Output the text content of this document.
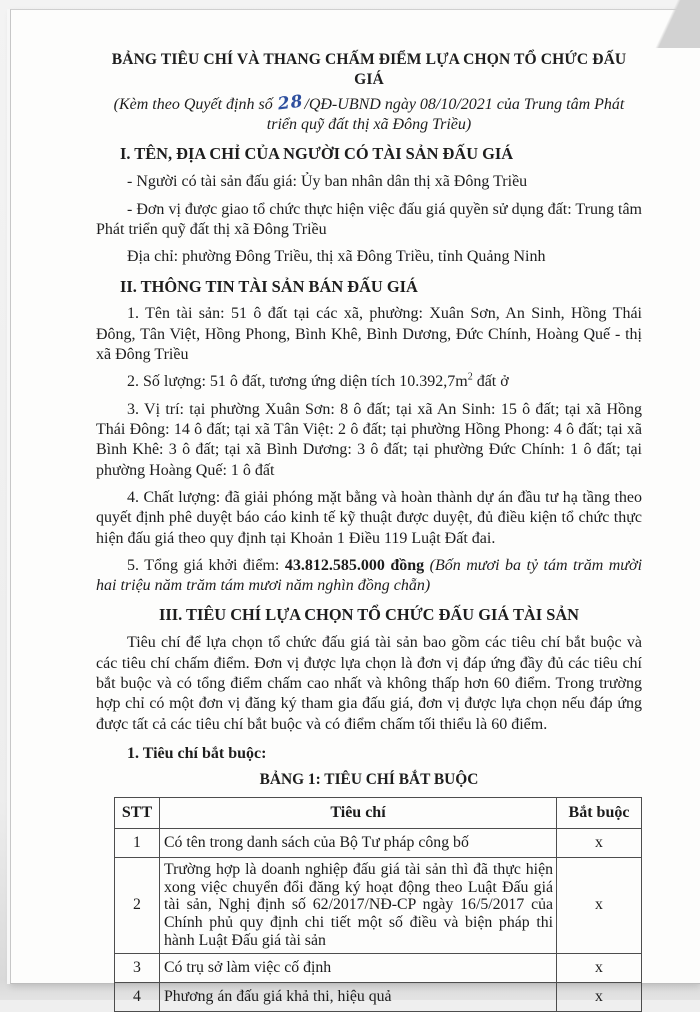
BẢNG TIÊU CHÍ VÀ THANG CHẤM ĐIỂM LỰA CHỌN TỔ CHỨC ĐẤU GIÁ
(Kèm theo Quyết định số 28/QĐ-UBND ngày 08/10/2021 của Trung tâm Phát
triển quỹ đất thị xã Đông Triều)
I. TÊN, ĐỊA CHỈ CỦA NGƯỜI CÓ TÀI SẢN ĐẤU GIÁ

- Người có tài sản đấu giá: Ủy ban nhân dân thị xã Đông Triều

- Đơn vị được giao tổ chức thực hiện việc đấu giá quyền sử dụng đất: Trung tâm Phát triển quỹ đất thị xã Đông Triều

Địa chỉ: phường Đông Triều, thị xã Đông Triều, tỉnh Quảng Ninh

II. THÔNG TIN TÀI SẢN BÁN ĐẤU GIÁ

1. Tên tài sản: 51 ô đất tại các xã, phường: Xuân Sơn, An Sinh, Hồng Thái Đông, Tân Việt, Hồng Phong, Bình Khê, Bình Dương, Đức Chính, Hoàng Quế - thị xã Đông Triều

2. Số lượng: 51 ô đất, tương ứng diện tích $10.392,7m^2$ đất ở

3. Vị trí: tại phường Xuân Sơn: 8 ô đất; tại xã An Sinh: 15 ô đất; tại xã Hồng Thái Đông: 14 ô đất; tại xã Tân Việt: 2 ô đất; tại phường Hồng Phong: 4 ô đất; tại xã Bình Khê: 3 ô đất; tại xã Bình Dương: 3 ô đất; tại phường Đức Chính: 1 ô đất; tại phường Hoàng Quế: 1 ô đất

4. Chất lượng: đã giải phóng mặt bằng và hoàn thành dự án đầu tư hạ tầng theo quyết định phê duyệt báo cáo kinh tế kỹ thuật được duyệt, đủ điều kiện tổ chức thực hiện đấu giá theo quy định tại Khoản 1 Điều 119 Luật Đất đai.

5. Tổng giá khởi điểm: 43.812.585.000 đồng (Bốn mươi ba tỷ tám trăm mười hai triệu năm trăm tám mươi năm nghìn đồng chẵn)

III. TIÊU CHÍ LỰA CHỌN TỔ CHỨC ĐẤU GIÁ TÀI SẢN

Tiêu chí để lựa chọn tổ chức đấu giá tài sản bao gồm các tiêu chí bắt buộc và các tiêu chí chấm điểm. Đơn vị được lựa chọn là đơn vị đáp ứng đầy đủ các tiêu chí bắt buộc và có tổng điểm chấm cao nhất và không thấp hơn 60 điểm. Trong trường hợp chỉ có một đơn vị đăng ký tham gia đấu giá, đơn vị được lựa chọn nếu đáp ứng được tất cả các tiêu chí bắt buộc và có điểm chấm tối thiểu là 60 điểm.

1. Tiêu chí bắt buộc:
BẢNG 1: TIÊU CHÍ BẮT BUỘC
STT	Tiêu chí	Bắt buộc
1	Có tên trong danh sách của Bộ Tư pháp công bố	x
2	Trường hợp là doanh nghiệp đấu giá tài sản thì đã thực hiện xong việc chuyển đổi đăng ký hoạt động theo Luật Đấu giá tài sản, Nghị định số 62/2017/NĐ-CP ngày 16/5/2017 của Chính phủ quy định chi tiết một số điều và biện pháp thi hành Luật Đấu giá tài sản	x
3	Có trụ sở làm việc cố định	x
4	Phương án đấu giá khả thi, hiệu quả	x
